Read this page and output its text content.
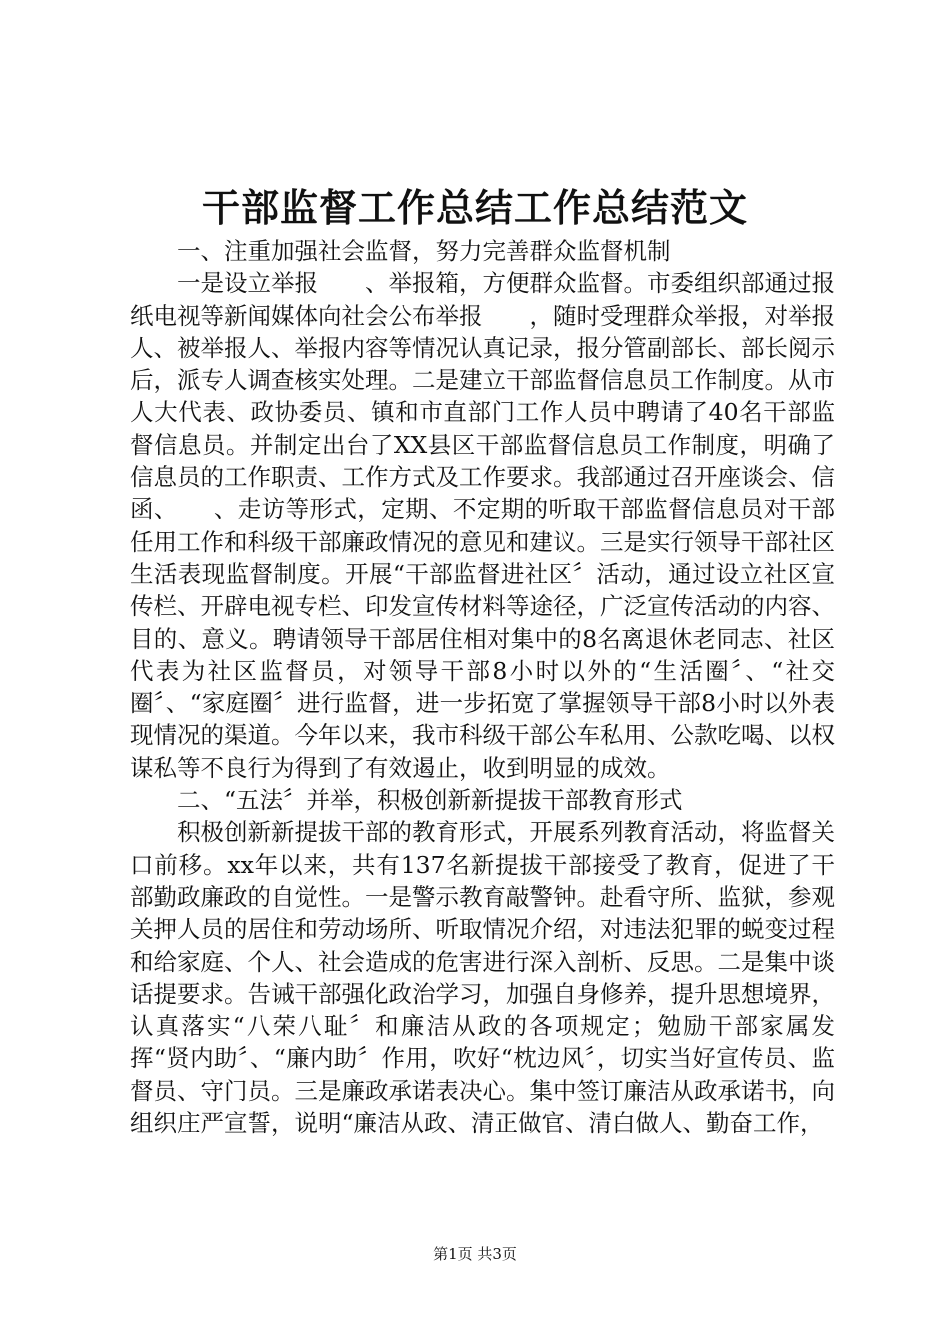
干部监督工作总结工作总结范文

一、注重加强社会监督，努力完善群众监督机制

一是设立举报　　、举报箱，方便群众监督。市委组织部通过报纸电视等新闻媒体向社会公布举报　　，随时受理群众举报，对举报人、被举报人、举报内容等情况认真记录，报分管副部长、部长阅示后，派专人调查核实处理。二是建立干部监督信息员工作制度。从市人大代表、政协委员、镇和市直部门工作人员中聘请了40名干部监督信息员。并制定出台了XX县区干部监督信息员工作制度，明确了信息员的工作职责、工作方式及工作要求。我部通过召开座谈会、信函、　　、走访等形式，定期、不定期的听取干部监督信息员对干部任用工作和科级干部廉政情况的意见和建议。三是实行领导干部社区生活表现监督制度。开展“干部监督进社区〞活动，通过设立社区宣传栏、开辟电视专栏、印发宣传材料等途径，广泛宣传活动的内容、目的、意义。聘请领导干部居住相对集中的8名离退休老同志、社区代表为社区监督员，对领导干部8小时以外的“生活圈〞、“社交圈〞、“家庭圈〞进行监督，进一步拓宽了掌握领导干部8小时以外表现情况的渠道。今年以来，我市科级干部公车私用、公款吃喝、以权谋私等不良行为得到了有效遏止，收到明显的成效。

二、“五法〞并举，积极创新新提拔干部教育形式

积极创新新提拔干部的教育形式，开展系列教育活动，将监督关口前移。xx年以来，共有137名新提拔干部接受了教育，促进了干部勤政廉政的自觉性。一是警示教育敲警钟。赴看守所、监狱，参观关押人员的居住和劳动场所、听取情况介绍，对违法犯罪的蜕变过程和给家庭、个人、社会造成的危害进行深入剖析、反思。二是集中谈话提要求。告诫干部强化政治学习，加强自身修养，提升思想境界，认真落实“八荣八耻〞和廉洁从政的各项规定；勉励干部家属发挥“贤内助〞、“廉内助〞作用，吹好“枕边风〞，切实当好宣传员、监督员、守门员。三是廉政承诺表决心。集中签订廉洁从政承诺书，向组织庄严宣誓，说明“廉洁从政、清正做官、清白做人、勤奋工作，

第1页 共3页
